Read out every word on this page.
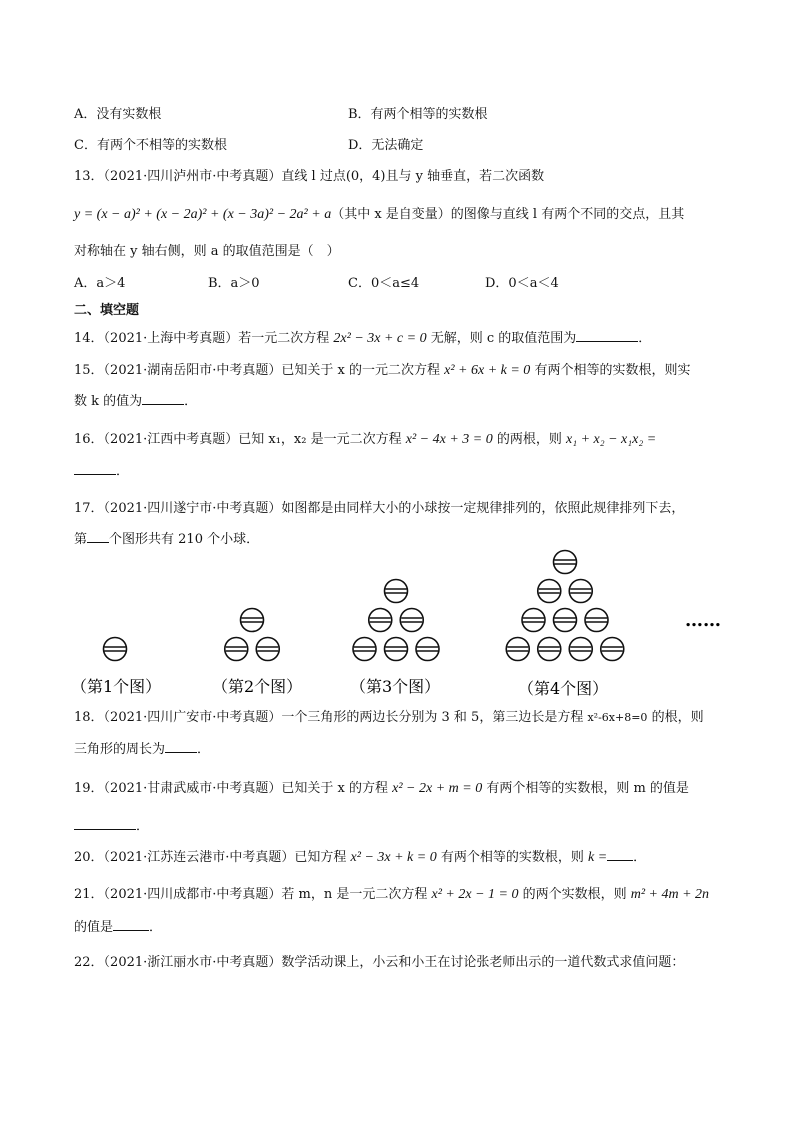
A．没有实数根	B．有两个相等的实数根
C．有两个不相等的实数根	D．无法确定
13．（2021·四川泸州市·中考真题）直线 l 过点(0，4)且与 y 轴垂直，若二次函数
y = (x − a)² + (x − 2a)² + (x − 3a)² − 2a² + a（其中 x 是自变量）的图像与直线 l 有两个不同的交点，且其
对称轴在 y 轴右侧，则 a 的取值范围是（　）
A．a＞4	B．a＞0	C．0＜a≤4	D．0＜a＜4
二、填空题
14．（2021·上海中考真题）若一元二次方程 2x² − 3x + c = 0 无解，则 c 的取值范围为	．
15．（2021·湖南岳阳市·中考真题）已知关于 x 的一元二次方程 x² + 6x + k = 0 有两个相等的实数根，则实
数 k 的值为	．
16．（2021·江西中考真题）已知 x₁，x₂ 是一元二次方程 x² − 4x + 3 = 0 的两根，则 x₁ + x₂ − x₁x₂ =
．
17．（2021·四川遂宁市·中考真题）如图都是由同样大小的小球按一定规律排列的，依照此规律排列下去，
第 个图形共有 210 个小球．
（第1个图）	（第2个图）	（第3个图）	（第4个图）
……
18．（2021·四川广安市·中考真题）一个三角形的两边长分别为 3 和 5，第三边长是方程 x²-6x+8=0 的根，则
三角形的周长为 ．
19．（2021·甘肃武威市·中考真题）已知关于 x 的方程 x² − 2x + m = 0 有两个相等的实数根，则 m 的值是
．
20．（2021·江苏连云港市·中考真题）已知方程 x² − 3x + k = 0 有两个相等的实数根，则 k = ．
21．（2021·四川成都市·中考真题）若 m，n 是一元二次方程 x² + 2x − 1 = 0 的两个实数根，则 m² + 4m + 2n
的值是	．
22．（2021·浙江丽水市·中考真题）数学活动课上，小云和小王在讨论张老师出示的一道代数式求值问题：
